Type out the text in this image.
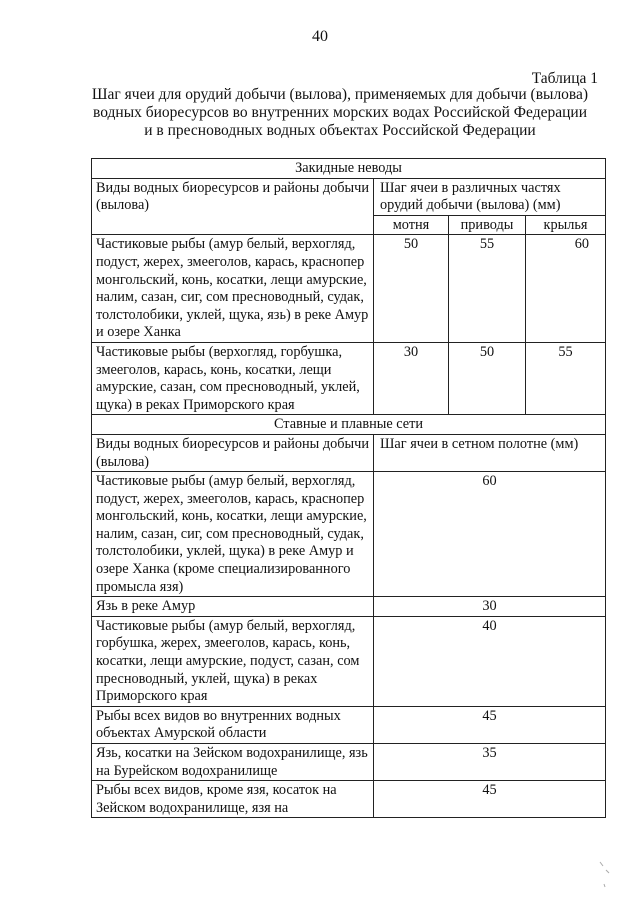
40
Таблица 1
Шаг ячеи для орудий добычи (вылова), применяемых для добычи (вылова)
водных биоресурсов во внутренних морских водах Российской Федерации
и в пресноводных водных объектах Российской Федерации
Закидные неводы			
Виды водных биоресурсов и районы добычи (вылова)	Шаг ячеи в различных частях орудий добычи (вылова) (мм)		
	мотня	приводы	крылья
Частиковые рыбы (амур белый, верхогляд, подуст, жерех, змееголов, карась, краснопер монгольский, конь, косатки, лещи амурские, налим, сазан, сиг, сом пресноводный, судак, толстолобики, уклей, щука, язь) в реке Амур и озере Ханка	50	55	60
Частиковые рыбы (верхогляд, горбушка, змееголов, карась, конь, косатки, лещи амурские, сазан, сом пресноводный, уклей, щука) в реках Приморского края	30	50	55
Ставные и плавные сети			
Виды водных биоресурсов и районы добычи (вылова)	Шаг ячеи в сетном полотне (мм)		
Частиковые рыбы (амур белый, верхогляд, подуст, жерех, змееголов, карась, краснопер монгольский, конь, косатки, лещи амурские, налим, сазан, сиг, сом пресноводный, судак, толстолобики, уклей, щука) в реке Амур и озере Ханка (кроме специализированного промысла язя)	60		
Язь в реке Амур	30		
Частиковые рыбы (амур белый, верхогляд, горбушка, жерех, змееголов, карась, конь, косатки, лещи амурские, подуст, сазан, сом пресноводный, уклей, щука) в реках Приморского края	40		
Рыбы всех видов во внутренних водных объектах Амурской области	45		
Язь, косатки на Зейском водохранилище, язь на Бурейском водохранилище	35		
Рыбы всех видов, кроме язя, косаток на Зейском водохранилище, язя на	45		
